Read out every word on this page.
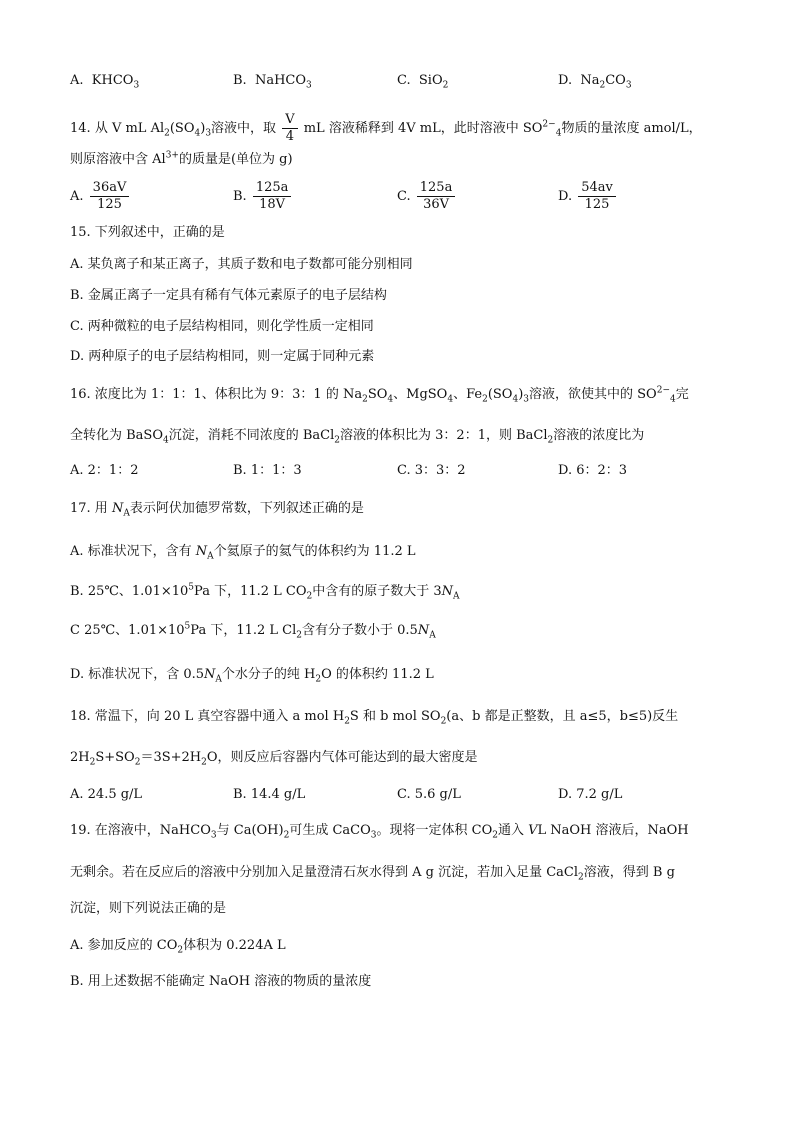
A. $KHCO_3$	B. NaHCO$_3$	C. SiO$_2$	D. $Na_2CO_3$
14. 从 V mL $Al_2(SO_4)_3$溶液中，取 $\frac{V}{4}$ mL 溶液稀释到 4V mL，此时溶液中 $SO^{2-}_4$物质的量浓度 amol/L，
则原溶液中含 $Al^{3+}$的质量是(单位为 g)
A. $\frac{36aV}{125}$	B. $\frac{125a}{18V}$	C. $\frac{125a}{36V}$	D. $\frac{54av}{125}$
15. 下列叙述中，正确的是
A. 某负离子和某正离子，其质子数和电子数都可能分别相同
B. 金属正离子一定具有稀有气体元素原子的电子层结构
C. 两种微粒的电子层结构相同，则化学性质一定相同
D. 两种原子的电子层结构相同，则一定属于同种元素
16. 浓度比为 1：1：1、体积比为 9：3：1 的 $Na_2SO_4$、MgSO$_4$、$Fe_2(SO_4)_3$溶液，欲使其中的 $SO^{2-}_4$完
全转化为 BaSO$_4$沉淀，消耗不同浓度的 BaCl$_2$溶液的体积比为 3：2：1，则 BaCl$_2$溶液的浓度比为
A. 2：1：2	B. 1：1：3	C. 3：3：2	D. 6：2：3
17. 用 $N_A$表示阿伏加德罗常数，下列叙述正确的是
A. 标准状况下，含有 $N_A$个氦原子的氦气的体积约为 11.2 L
B. 25℃、$1.01\times 10^5Pa$ 下，11.2 L $CO_2$中含有的原子数大于 $3N_A$
C 25℃、$1.01\times 10^5Pa$ 下，11.2 L $Cl_2$含有分子数小于 $0.5N_A$
D. 标准状况下，含 $0.5N_A$个水分子的纯 $H_2O$ 的体积约 11.2 L
18. 常温下，向 20 L 真空容器中通入 a mol $H_2S$ 和 b mol $SO_2(a$、b 都是正整数，且 a≤5，b≤5)反生
$2H_2S+SO_2=3S+2H_2O$，则反应后容器内气体可能达到的最大密度是
A. 24.5 g/L	B. 14.4 g/L	C. 5.6 g/L	D. 7.2 g/L
19. 在溶液中，NaHCO$_3$与 $Ca(OH)_2$可生成 CaCO$_3$。现将一定体积 $CO_2$通入 VL NaOH 溶液后，NaOH
无剩余。若在反应后的溶液中分别加入足量澄清石灰水得到 A g 沉淀，若加入足量 CaCl$_2$溶液，得到 B g
沉淀，则下列说法正确的是
A. 参加反应的 $CO_2$体积为 0.224A L
B. 用上述数据不能确定 NaOH 溶液的物质的量浓度
